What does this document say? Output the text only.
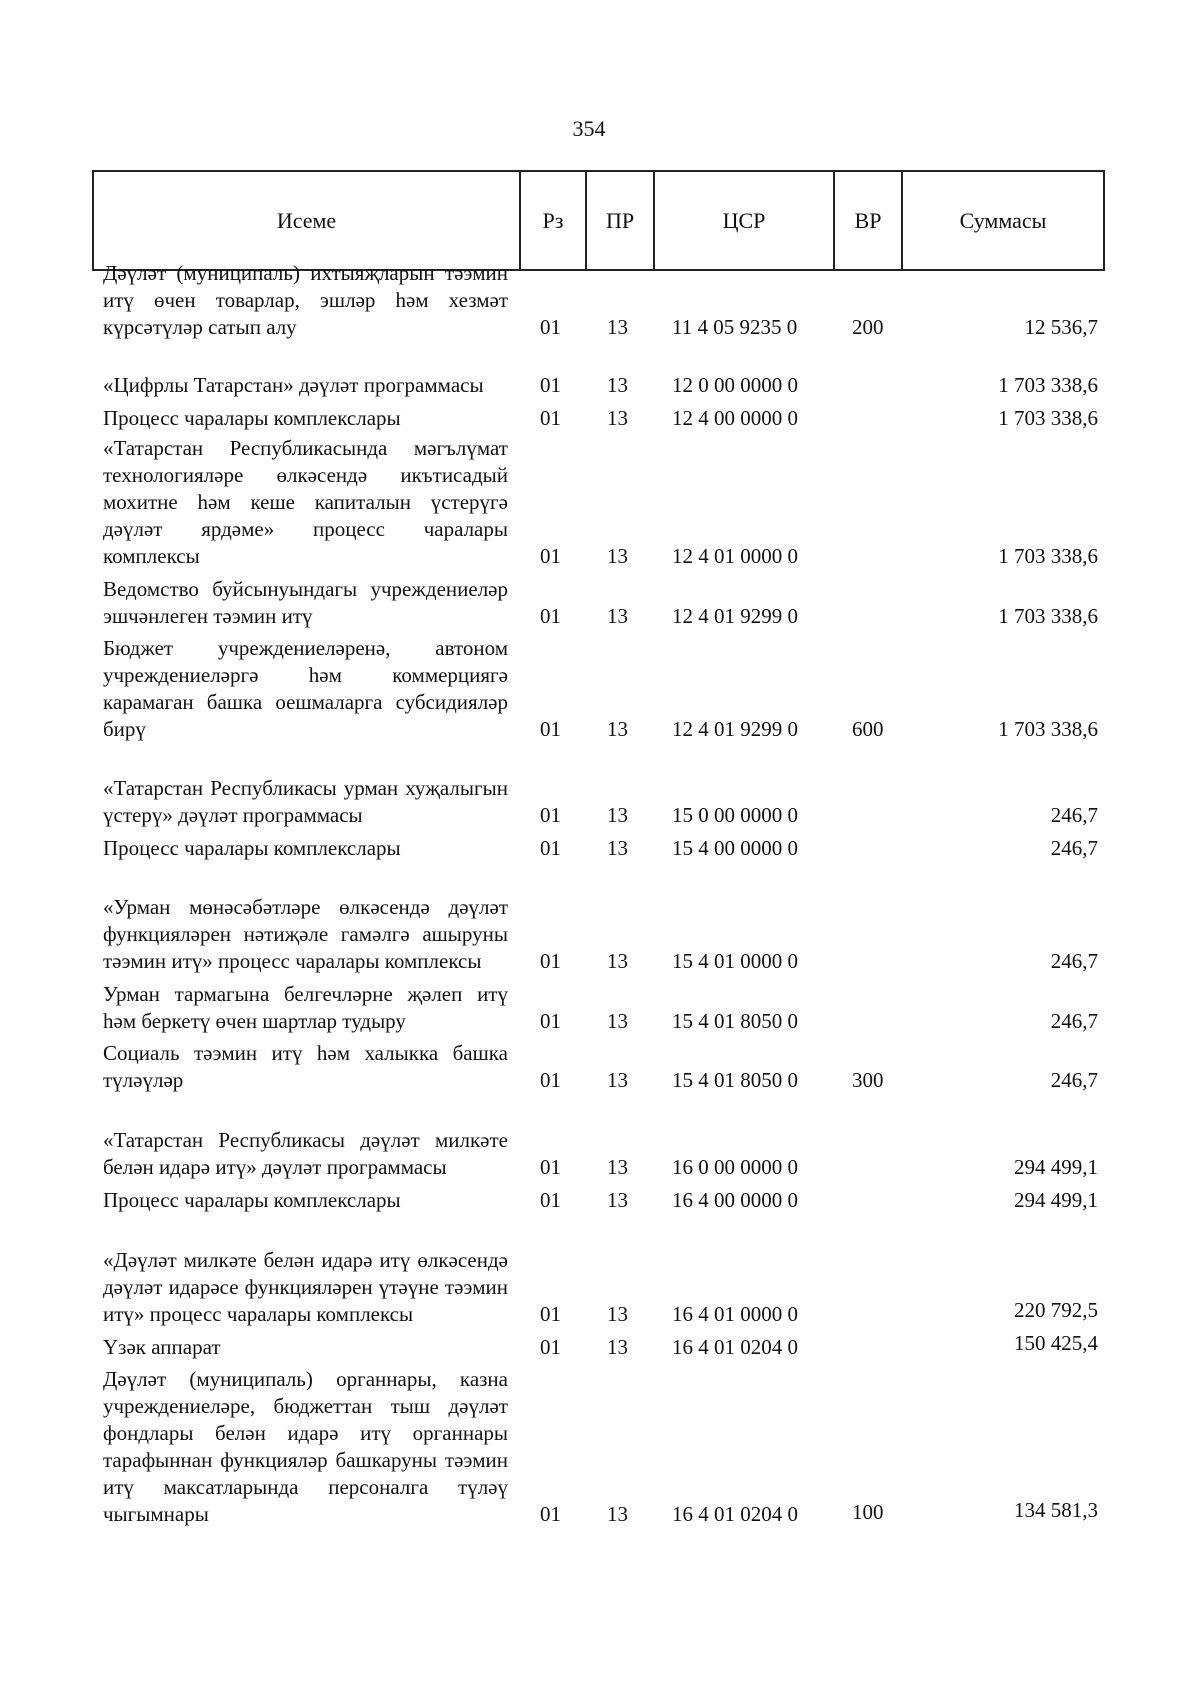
354
Исеме	Рз	ПР	ЦСР	ВР	Суммасы
Дәүләт (муниципаль) ихтыяҗларын тәэмин итү өчен товарлар, эшләр һәм хезмәт күрсәтүләр сатып алу	01 13 11 4 05 9235 0	200	12 536,7
«Цифрлы Татарстан» дәүләт программасы	01 13 12 0 00 0000 0	1 703 338,6
Процесс чаралары комплекслары	01 13 12 4 00 0000 0	1 703 338,6
«Татарстан Республикасында мәгълүмат технологияләре өлкәсендә икътисадый мохитне һәм кеше капиталын үстерүгә дәүләт ярдәме» процесс чаралары комплексы	01 13 12 4 01 0000 0	1 703 338,6
Ведомство буйсынуындагы учреждениеләр эшчәнлеген тәэмин итү	01 13 12 4 01 9299 0	1 703 338,6
Бюджет учреждениеләренә, автоном учреждениеләргә һәм коммерциягә карамаган башка оешмаларга субсидияләр бирү	01 13 12 4 01 9299 0	600	1 703 338,6
«Татарстан Республикасы урман хуҗалыгын үстерү» дәүләт программасы	01 13 15 0 00 0000 0	246,7
Процесс чаралары комплекслары	01 13 15 4 00 0000 0	246,7
«Урман мөнәсәбәтләре өлкәсендә дәүләт функцияләрен нәтиҗәле гамәлгә ашыруны тәэмин итү» процесс чаралары комплексы	01 13 15 4 01 0000 0	246,7
Урман тармагына белгечләрне җәлеп итү һәм беркетү өчен шартлар тудыру	01 13 15 4 01 8050 0	246,7
Социаль тәэмин итү һәм халыкка башка түләүләр	01 13 15 4 01 8050 0	300	246,7
«Татарстан Республикасы дәүләт милкәте белән идарә итү» дәүләт программасы	01 13 16 0 00 0000 0	294 499,1
Процесс чаралары комплекслары	01 13 16 4 00 0000 0	294 499,1
«Дәүләт милкәте белән идарә итү өлкәсендә дәүләт идарәсе функцияләрен үтәүне тәэмин итү» процесс чаралары комплексы	01 13 16 4 01 0000 0	220 792,5
Үзәк аппарат	01 13 16 4 01 0204 0	150 425,4
Дәүләт (муниципаль) органнары, казна учреждениеләре, бюджеттан тыш дәүләт фондлары белән идарә итү органнары тарафыннан функцияләр башкаруны тәэмин итү максатларында персоналга түләү чыгымнары	01 13 16 4 01 0204 0	100	134 581,3
